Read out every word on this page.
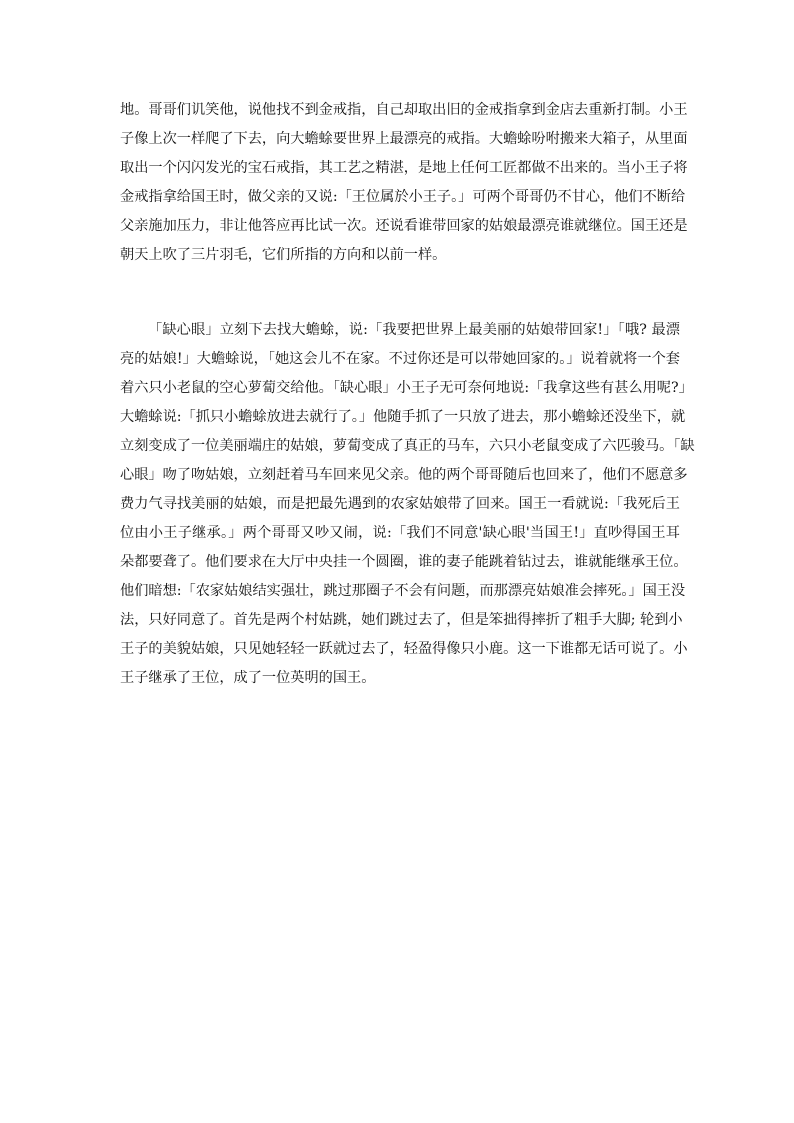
地。哥哥们讥笑他，说他找不到金戒指，自己却取出旧的金戒指拿到金店去重新打制。小王
子像上次一样爬了下去，向大蟾蜍要世界上最漂亮的戒指。大蟾蜍吩咐搬来大箱子，从里面
取出一个闪闪发光的宝石戒指，其工艺之精湛，是地上任何工匠都做不出来的。当小王子将
金戒指拿给国王时，做父亲的又说:「王位属於小王子。」可两个哥哥仍不甘心，他们不断给
父亲施加压力，非让他答应再比试一次。还说看谁带回家的姑娘最漂亮谁就继位。国王还是
朝天上吹了三片羽毛，它们所指的方向和以前一样。
「缺心眼」立刻下去找大蟾蜍，说:「我要把世界上最美丽的姑娘带回家!」「哦? 最漂
亮的姑娘!」大蟾蜍说，「她这会儿不在家。不过你还是可以带她回家的。」说着就将一个套
着六只小老鼠的空心萝蔔交给他。「缺心眼」小王子无可奈何地说:「我拿这些有甚么用呢?」
大蟾蜍说:「抓只小蟾蜍放进去就行了。」他随手抓了一只放了进去，那小蟾蜍还没坐下，就
立刻变成了一位美丽端庄的姑娘，萝蔔变成了真正的马车，六只小老鼠变成了六匹骏马。「缺
心眼」吻了吻姑娘，立刻赶着马车回来见父亲。他的两个哥哥随后也回来了，他们不愿意多
费力气寻找美丽的姑娘，而是把最先遇到的农家姑娘带了回来。国王一看就说:「我死后王
位由小王子继承。」两个哥哥又吵又闹，说:「我们不同意'缺心眼'当国王!」直吵得国王耳
朵都要聋了。他们要求在大厅中央挂一个圆圈，谁的妻子能跳着钻过去，谁就能继承王位。
他们暗想:「农家姑娘结实强壮，跳过那圈子不会有问题，而那漂亮姑娘准会摔死。」国王没
法，只好同意了。首先是两个村姑跳，她们跳过去了，但是笨拙得摔折了粗手大脚; 轮到小
王子的美貌姑娘，只见她轻轻一跃就过去了，轻盈得像只小鹿。这一下谁都无话可说了。小
王子继承了王位，成了一位英明的国王。
